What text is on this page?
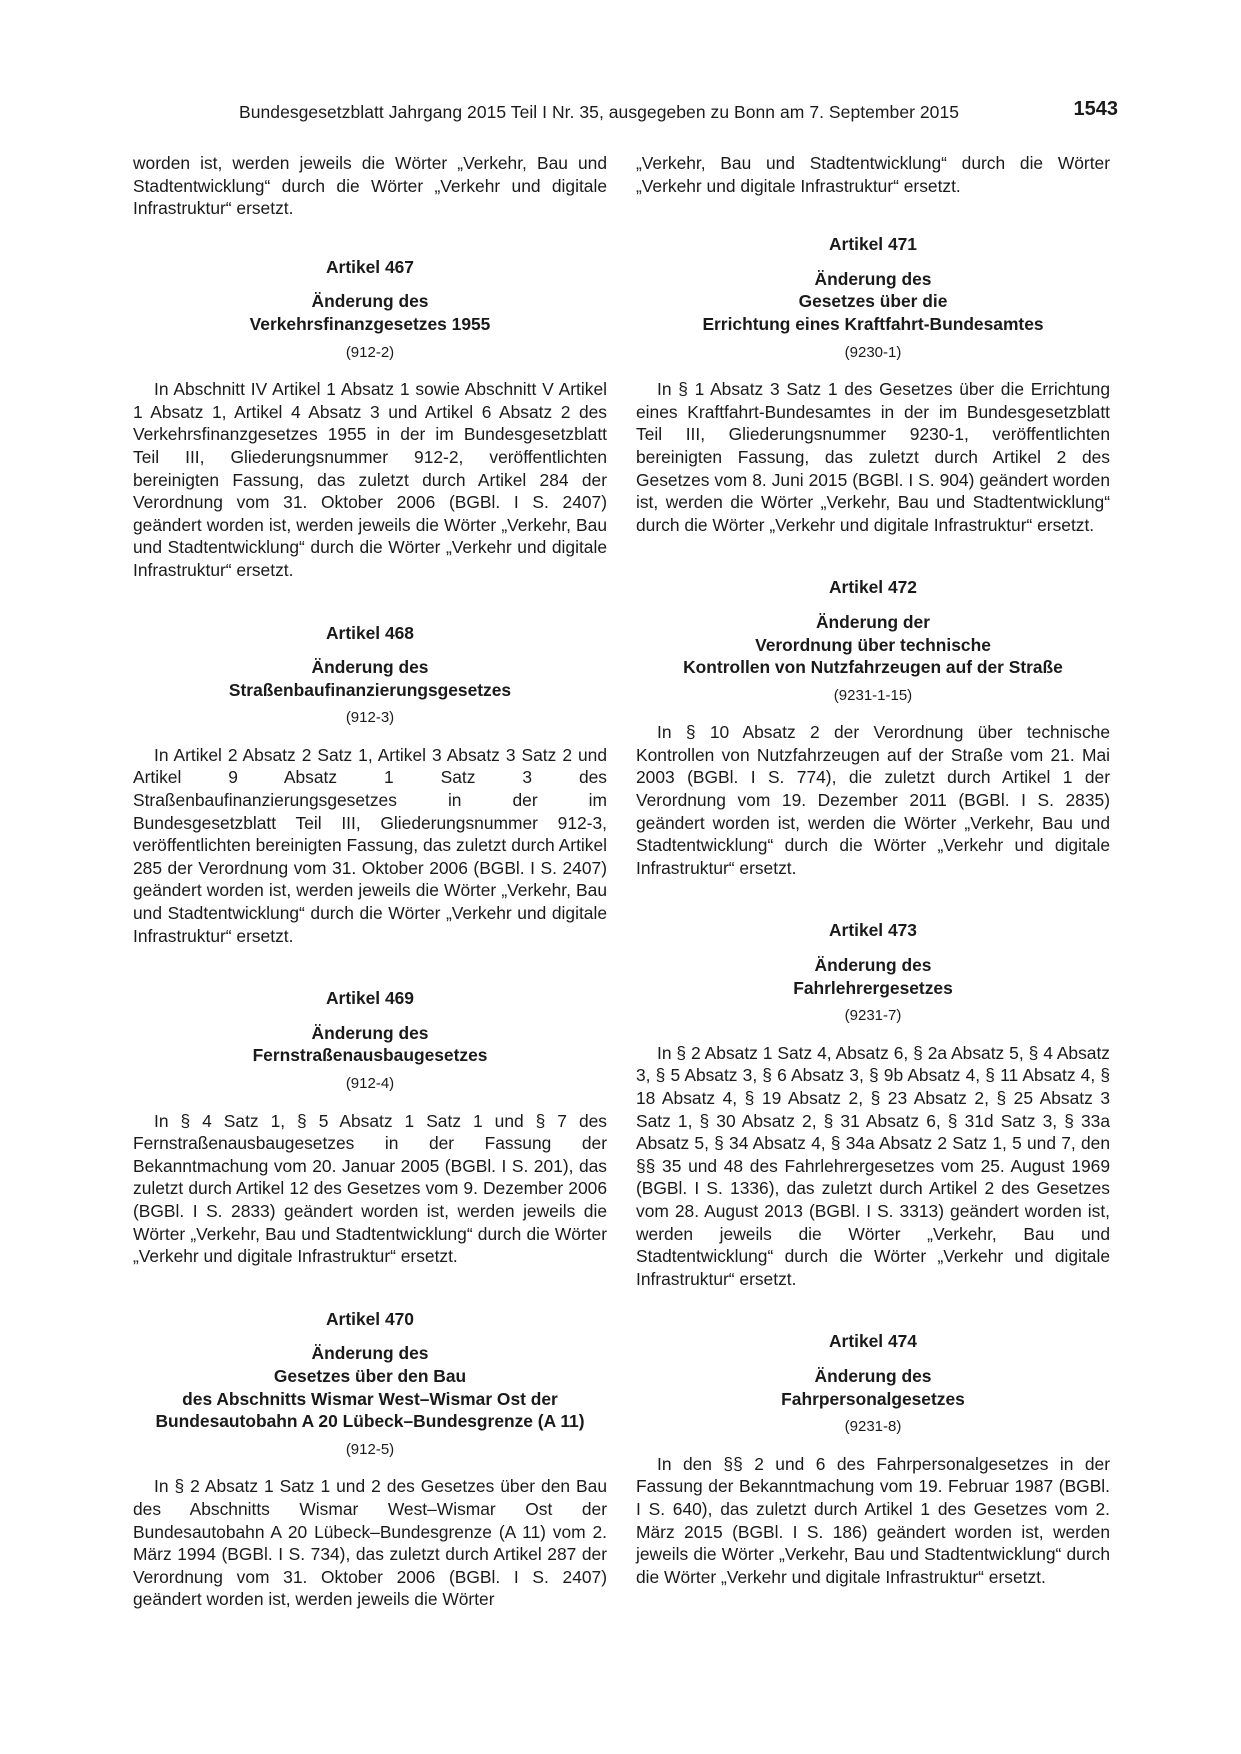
Bundesgesetzblatt Jahrgang 2015 Teil I Nr. 35, ausgegeben zu Bonn am 7. September 2015	1543

worden ist, werden jeweils die Wörter „Verkehr, Bau und Stadtentwicklung“ durch die Wörter „Verkehr und digitale Infrastruktur“ ersetzt.

Artikel 467
Änderung des
Verkehrsfinanzgesetzes 1955
(912-2)

In Abschnitt IV Artikel 1 Absatz 1 sowie Abschnitt V Artikel 1 Absatz 1, Artikel 4 Absatz 3 und Artikel 6 Absatz 2 des Verkehrsfinanzgesetzes 1955 in der im Bundesgesetzblatt Teil III, Gliederungsnummer 912-2, veröffentlichten bereinigten Fassung, das zuletzt durch Artikel 284 der Verordnung vom 31. Oktober 2006 (BGBl. I S. 2407) geändert worden ist, werden jeweils die Wörter „Verkehr, Bau und Stadtentwicklung“ durch die Wörter „Verkehr und digitale Infrastruktur“ ersetzt.

Artikel 468
Änderung des
Straßenbaufinanzierungsgesetzes
(912-3)

In Artikel 2 Absatz 2 Satz 1, Artikel 3 Absatz 3 Satz 2 und Artikel 9 Absatz 1 Satz 3 des Straßenbaufinanzierungsgesetzes in der im Bundesgesetzblatt Teil III, Gliederungsnummer 912-3, veröffentlichten bereinigten Fassung, das zuletzt durch Artikel 285 der Verordnung vom 31. Oktober 2006 (BGBl. I S. 2407) geändert worden ist, werden jeweils die Wörter „Verkehr, Bau und Stadtentwicklung“ durch die Wörter „Verkehr und digitale Infrastruktur“ ersetzt.

Artikel 469
Änderung des
Fernstraßenausbaugesetzes
(912-4)

In § 4 Satz 1, § 5 Absatz 1 Satz 1 und § 7 des Fernstraßenausbaugesetzes in der Fassung der Bekanntmachung vom 20. Januar 2005 (BGBl. I S. 201), das zuletzt durch Artikel 12 des Gesetzes vom 9. Dezember 2006 (BGBl. I S. 2833) geändert worden ist, werden jeweils die Wörter „Verkehr, Bau und Stadtentwicklung“ durch die Wörter „Verkehr und digitale Infrastruktur“ ersetzt.

Artikel 470
Änderung des
Gesetzes über den Bau
des Abschnitts Wismar West–Wismar Ost der
Bundesautobahn A 20 Lübeck–Bundesgrenze (A 11)
(912-5)

In § 2 Absatz 1 Satz 1 und 2 des Gesetzes über den Bau des Abschnitts Wismar West–Wismar Ost der Bundesautobahn A 20 Lübeck–Bundesgrenze (A 11) vom 2. März 1994 (BGBl. I S. 734), das zuletzt durch Artikel 287 der Verordnung vom 31. Oktober 2006 (BGBl. I S. 2407) geändert worden ist, werden jeweils die Wörter

„Verkehr, Bau und Stadtentwicklung“ durch die Wörter „Verkehr und digitale Infrastruktur“ ersetzt.

Artikel 471
Änderung des
Gesetzes über die
Errichtung eines Kraftfahrt-Bundesamtes
(9230-1)

In § 1 Absatz 3 Satz 1 des Gesetzes über die Errichtung eines Kraftfahrt-Bundesamtes in der im Bundesgesetzblatt Teil III, Gliederungsnummer 9230-1, veröffentlichten bereinigten Fassung, das zuletzt durch Artikel 2 des Gesetzes vom 8. Juni 2015 (BGBl. I S. 904) geändert worden ist, werden die Wörter „Verkehr, Bau und Stadtentwicklung“ durch die Wörter „Verkehr und digitale Infrastruktur“ ersetzt.

Artikel 472
Änderung der
Verordnung über technische
Kontrollen von Nutzfahrzeugen auf der Straße
(9231-1-15)

In § 10 Absatz 2 der Verordnung über technische Kontrollen von Nutzfahrzeugen auf der Straße vom 21. Mai 2003 (BGBl. I S. 774), die zuletzt durch Artikel 1 der Verordnung vom 19. Dezember 2011 (BGBl. I S. 2835) geändert worden ist, werden die Wörter „Verkehr, Bau und Stadtentwicklung“ durch die Wörter „Verkehr und digitale Infrastruktur“ ersetzt.

Artikel 473
Änderung des
Fahrlehrergesetzes
(9231-7)

In § 2 Absatz 1 Satz 4, Absatz 6, § 2a Absatz 5, § 4 Absatz 3, § 5 Absatz 3, § 6 Absatz 3, § 9b Absatz 4, § 11 Absatz 4, § 18 Absatz 4, § 19 Absatz 2, § 23 Absatz 2, § 25 Absatz 3 Satz 1, § 30 Absatz 2, § 31 Absatz 6, § 31d Satz 3, § 33a Absatz 5, § 34 Absatz 4, § 34a Absatz 2 Satz 1, 5 und 7, den §§ 35 und 48 des Fahrlehrergesetzes vom 25. August 1969 (BGBl. I S. 1336), das zuletzt durch Artikel 2 des Gesetzes vom 28. August 2013 (BGBl. I S. 3313) geändert worden ist, werden jeweils die Wörter „Verkehr, Bau und Stadtentwicklung“ durch die Wörter „Verkehr und digitale Infrastruktur“ ersetzt.

Artikel 474
Änderung des
Fahrpersonalgesetzes
(9231-8)

In den §§ 2 und 6 des Fahrpersonalgesetzes in der Fassung der Bekanntmachung vom 19. Februar 1987 (BGBl. I S. 640), das zuletzt durch Artikel 1 des Gesetzes vom 2. März 2015 (BGBl. I S. 186) geändert worden ist, werden jeweils die Wörter „Verkehr, Bau und Stadtentwicklung“ durch die Wörter „Verkehr und digitale Infrastruktur“ ersetzt.
